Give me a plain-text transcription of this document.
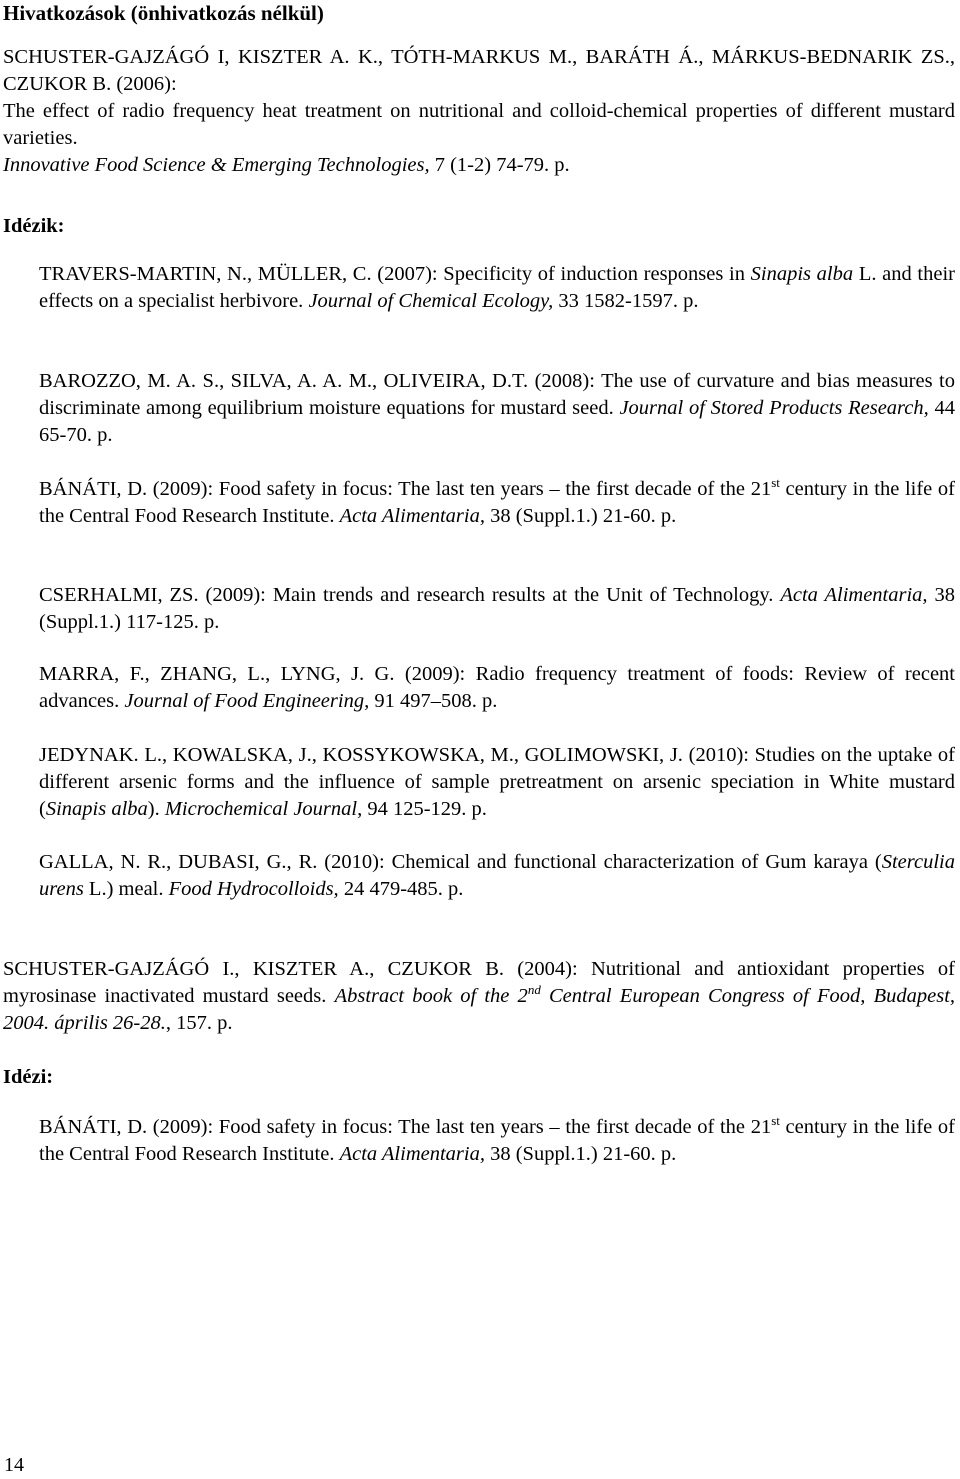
Hivatkozások (önhivatkozás nélkül)
SCHUSTER-GAJZÁGÓ I, KISZTER A. K., TÓTH-MARKUS M., BARÁTH Á., MÁRKUS-BEDNARIK ZS., CZUKOR B. (2006):
The effect of radio frequency heat treatment on nutritional and colloid-chemical properties of different mustard varieties.
Innovative Food Science & Emerging Technologies, 7 (1-2) 74-79. p.
Idézik:
TRAVERS-MARTIN, N., MÜLLER, C. (2007): Specificity of induction responses in Sinapis alba L. and their effects on a specialist herbivore. Journal of Chemical Ecology, 33 1582-1597. p.
BAROZZO, M. A. S., SILVA, A. A. M., OLIVEIRA, D.T. (2008): The use of curvature and bias measures to discriminate among equilibrium moisture equations for mustard seed. Journal of Stored Products Research, 44 65-70. p.
BÁNÁTI, D. (2009): Food safety in focus: The last ten years – the first decade of the 21st century in the life of the Central Food Research Institute. Acta Alimentaria, 38 (Suppl.1.) 21-60. p.
CSERHALMI, ZS. (2009): Main trends and research results at the Unit of Technology. Acta Alimentaria, 38 (Suppl.1.) 117-125. p.
MARRA, F., ZHANG, L., LYNG, J. G. (2009): Radio frequency treatment of foods: Review of recent advances. Journal of Food Engineering, 91 497–508. p.
JEDYNAK. L., KOWALSKA, J., KOSSYKOWSKA, M., GOLIMOWSKI, J. (2010): Studies on the uptake of different arsenic forms and the influence of sample pretreatment on arsenic speciation in White mustard (Sinapis alba). Microchemical Journal, 94 125-129. p.
GALLA, N. R., DUBASI, G., R. (2010): Chemical and functional characterization of Gum karaya (Sterculia urens L.) meal. Food Hydrocolloids, 24 479-485. p.
SCHUSTER-GAJZÁGÓ I., KISZTER A., CZUKOR B. (2004): Nutritional and antioxidant properties of myrosinase inactivated mustard seeds. Abstract book of the 2nd Central European Congress of Food, Budapest, 2004. április 26-28., 157. p.
Idézi:
BÁNÁTI, D. (2009): Food safety in focus: The last ten years – the first decade of the 21st century in the life of the Central Food Research Institute. Acta Alimentaria, 38 (Suppl.1.) 21-60. p.
14
